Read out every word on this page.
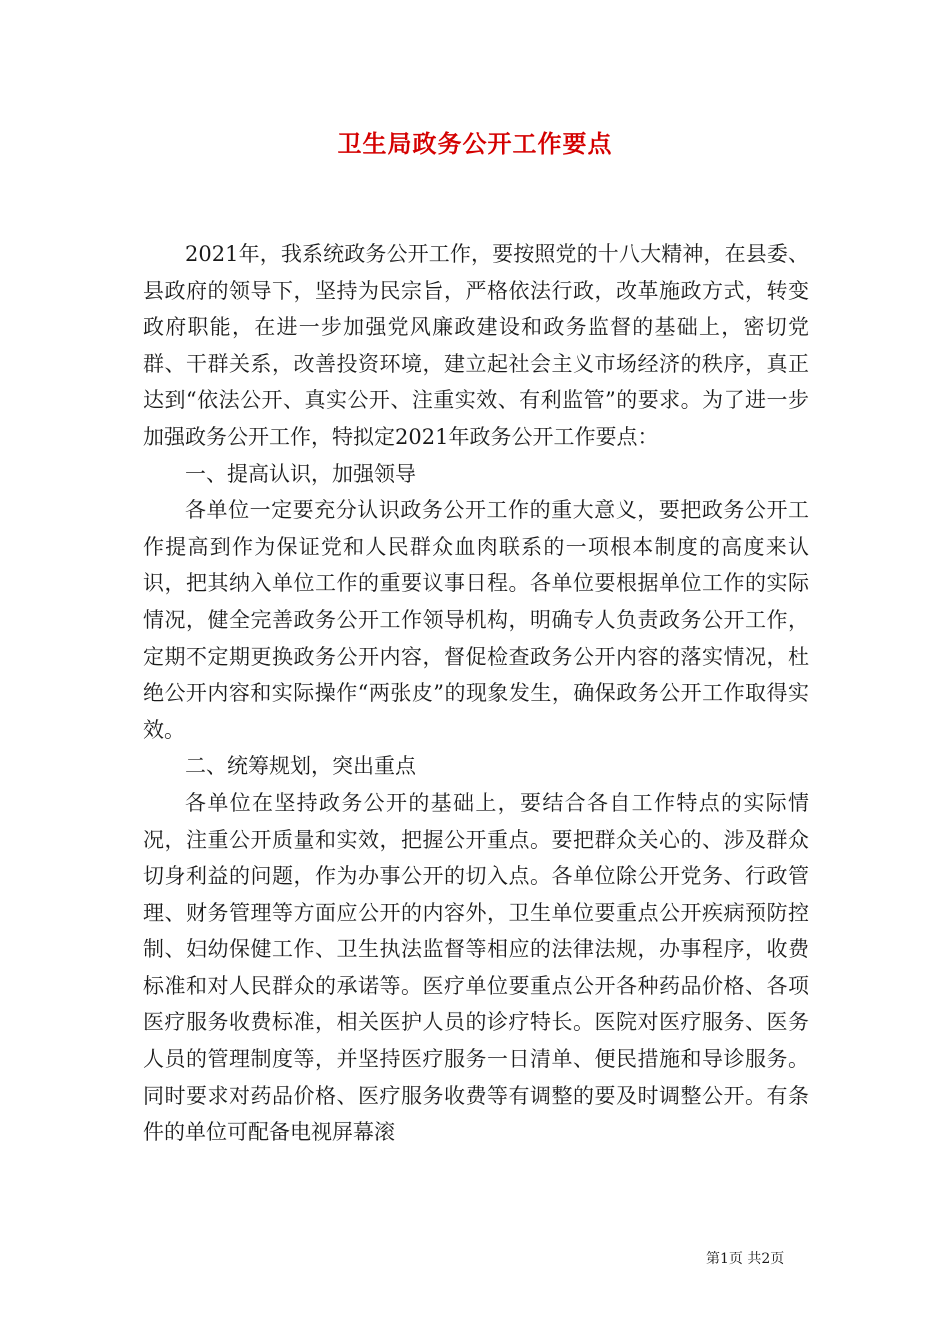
卫生局政务公开工作要点

2021年，我系统政务公开工作，要按照党的十八大精神，在县委、县政府的领导下，坚持为民宗旨，严格依法行政，改革施政方式，转变政府职能，在进一步加强党风廉政建设和政务监督的基础上，密切党群、干群关系，改善投资环境，建立起社会主义市场经济的秩序，真正达到“依法公开、真实公开、注重实效、有利监管”的要求。为了进一步加强政务公开工作，特拟定2021年政务公开工作要点：

一、提高认识，加强领导

各单位一定要充分认识政务公开工作的重大意义，要把政务公开工作提高到作为保证党和人民群众血肉联系的一项根本制度的高度来认识，把其纳入单位工作的重要议事日程。各单位要根据单位工作的实际情况，健全完善政务公开工作领导机构，明确专人负责政务公开工作，定期不定期更换政务公开内容，督促检查政务公开内容的落实情况，杜绝公开内容和实际操作“两张皮”的现象发生，确保政务公开工作取得实效。

二、统筹规划，突出重点

各单位在坚持政务公开的基础上，要结合各自工作特点的实际情况，注重公开质量和实效，把握公开重点。要把群众关心的、涉及群众切身利益的问题，作为办事公开的切入点。各单位除公开党务、行政管理、财务管理等方面应公开的内容外，卫生单位要重点公开疾病预防控制、妇幼保健工作、卫生执法监督等相应的法律法规，办事程序，收费标准和对人民群众的承诺等。医疗单位要重点公开各种药品价格、各项医疗服务收费标准，相关医护人员的诊疗特长。医院对医疗服务、医务人员的管理制度等，并坚持医疗服务一日清单、便民措施和导诊服务。同时要求对药品价格、医疗服务收费等有调整的要及时调整公开。有条件的单位可配备电视屏幕滚

第1页 共2页
